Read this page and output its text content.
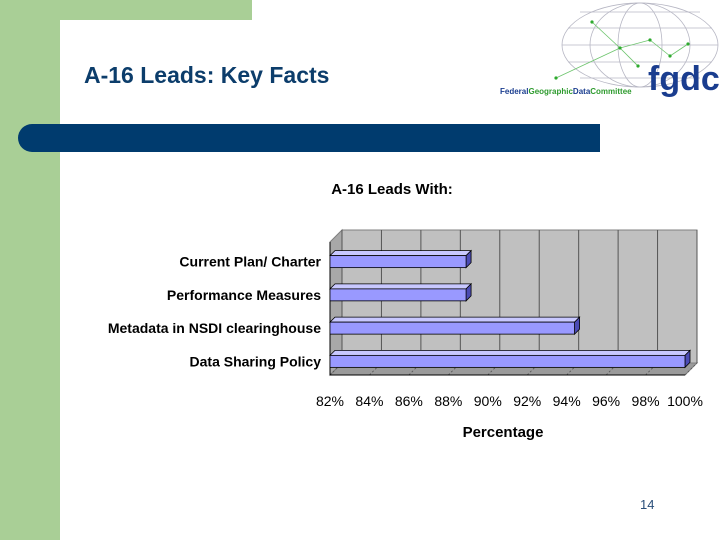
A-16 Leads: Key Facts	fgdc
FederalGeographicDataCommittee
A-16 Leads With:
Percentage
82% 84% 86% 88% 90% 92% 94% 96% 98% 100%
Current Plan/ Charter
Performance Measures
Metadata in NSDI clearinghouse
Data Sharing Policy
14
